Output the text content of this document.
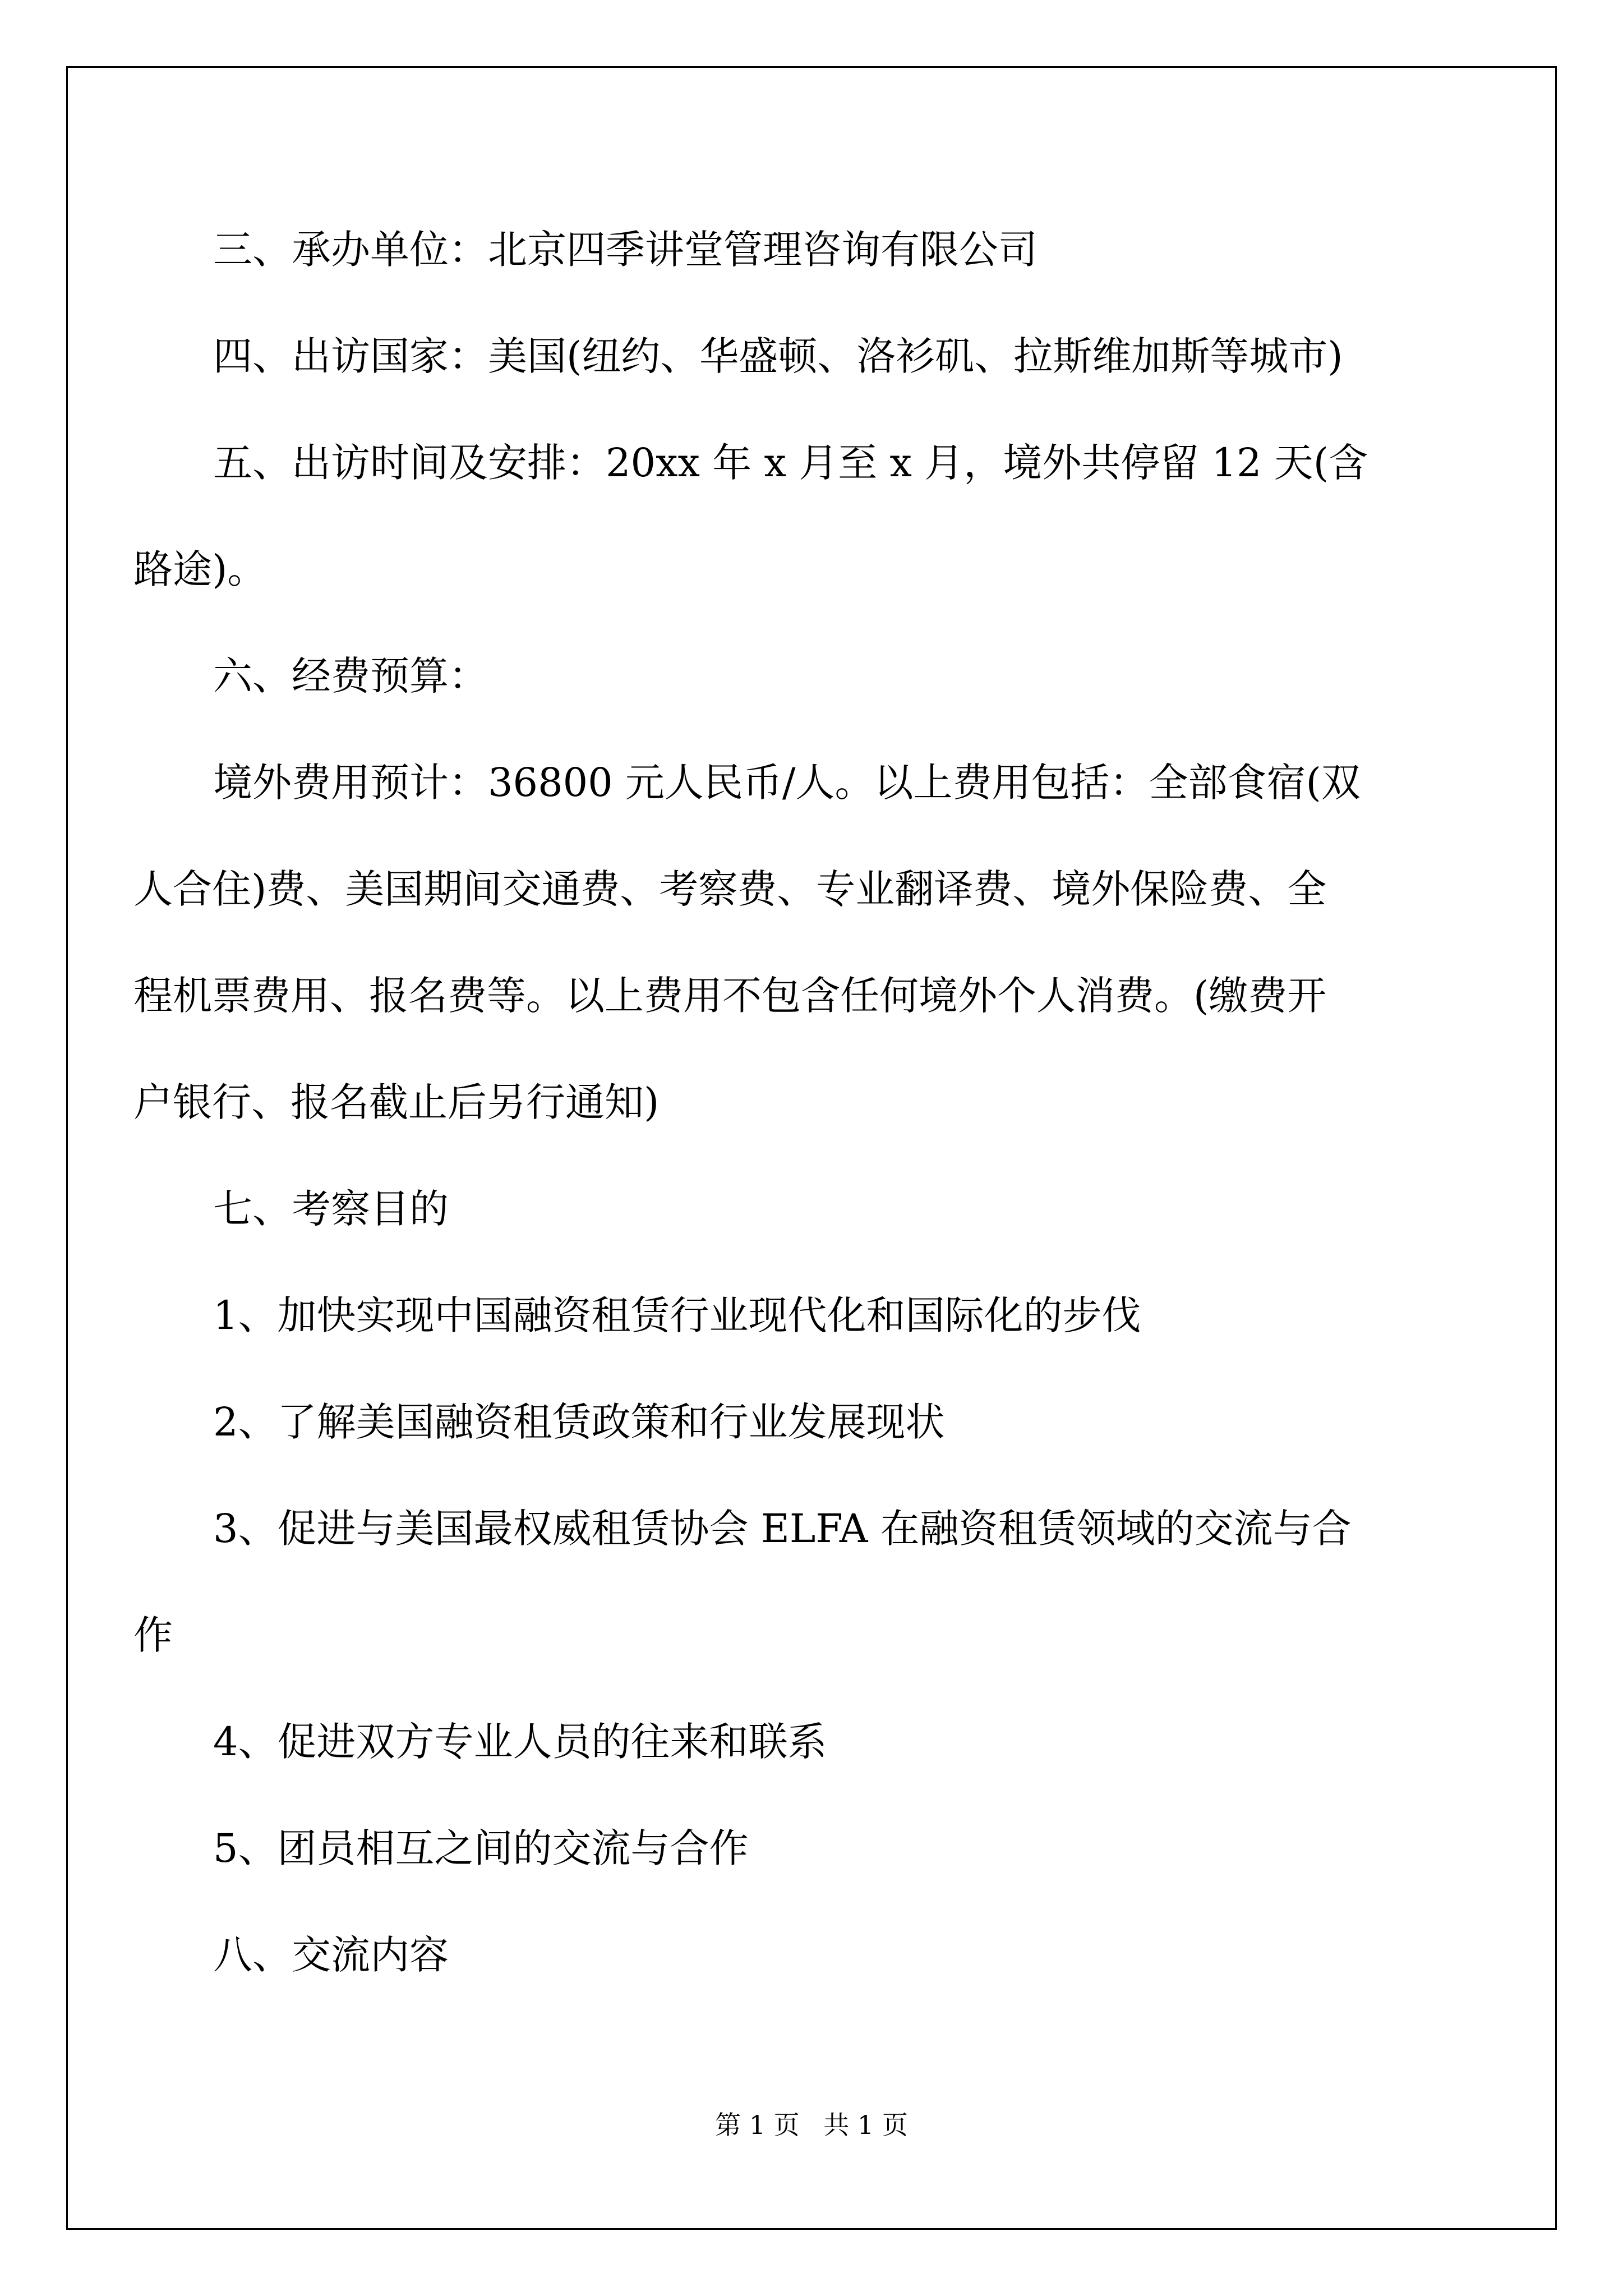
三、承办单位：北京四季讲堂管理咨询有限公司

四、出访国家：美国(纽约、华盛顿、洛衫矶、拉斯维加斯等城市)

五、出访时间及安排：20xx 年 x 月至 x 月，境外共停留 12 天(含

路途)。

六、经费预算：

境外费用预计：36800 元人民币/人。以上费用包括：全部食宿(双

人合住)费、美国期间交通费、考察费、专业翻译费、境外保险费、全

程机票费用、报名费等。以上费用不包含任何境外个人消费。(缴费开

户银行、报名截止后另行通知)

七、考察目的

1、加快实现中国融资租赁行业现代化和国际化的步伐

2、了解美国融资租赁政策和行业发展现状

3、促进与美国最权威租赁协会 ELFA 在融资租赁领域的交流与合

作

4、促进双方专业人员的往来和联系

5、团员相互之间的交流与合作

八、交流内容

第 1 页 共 1 页
